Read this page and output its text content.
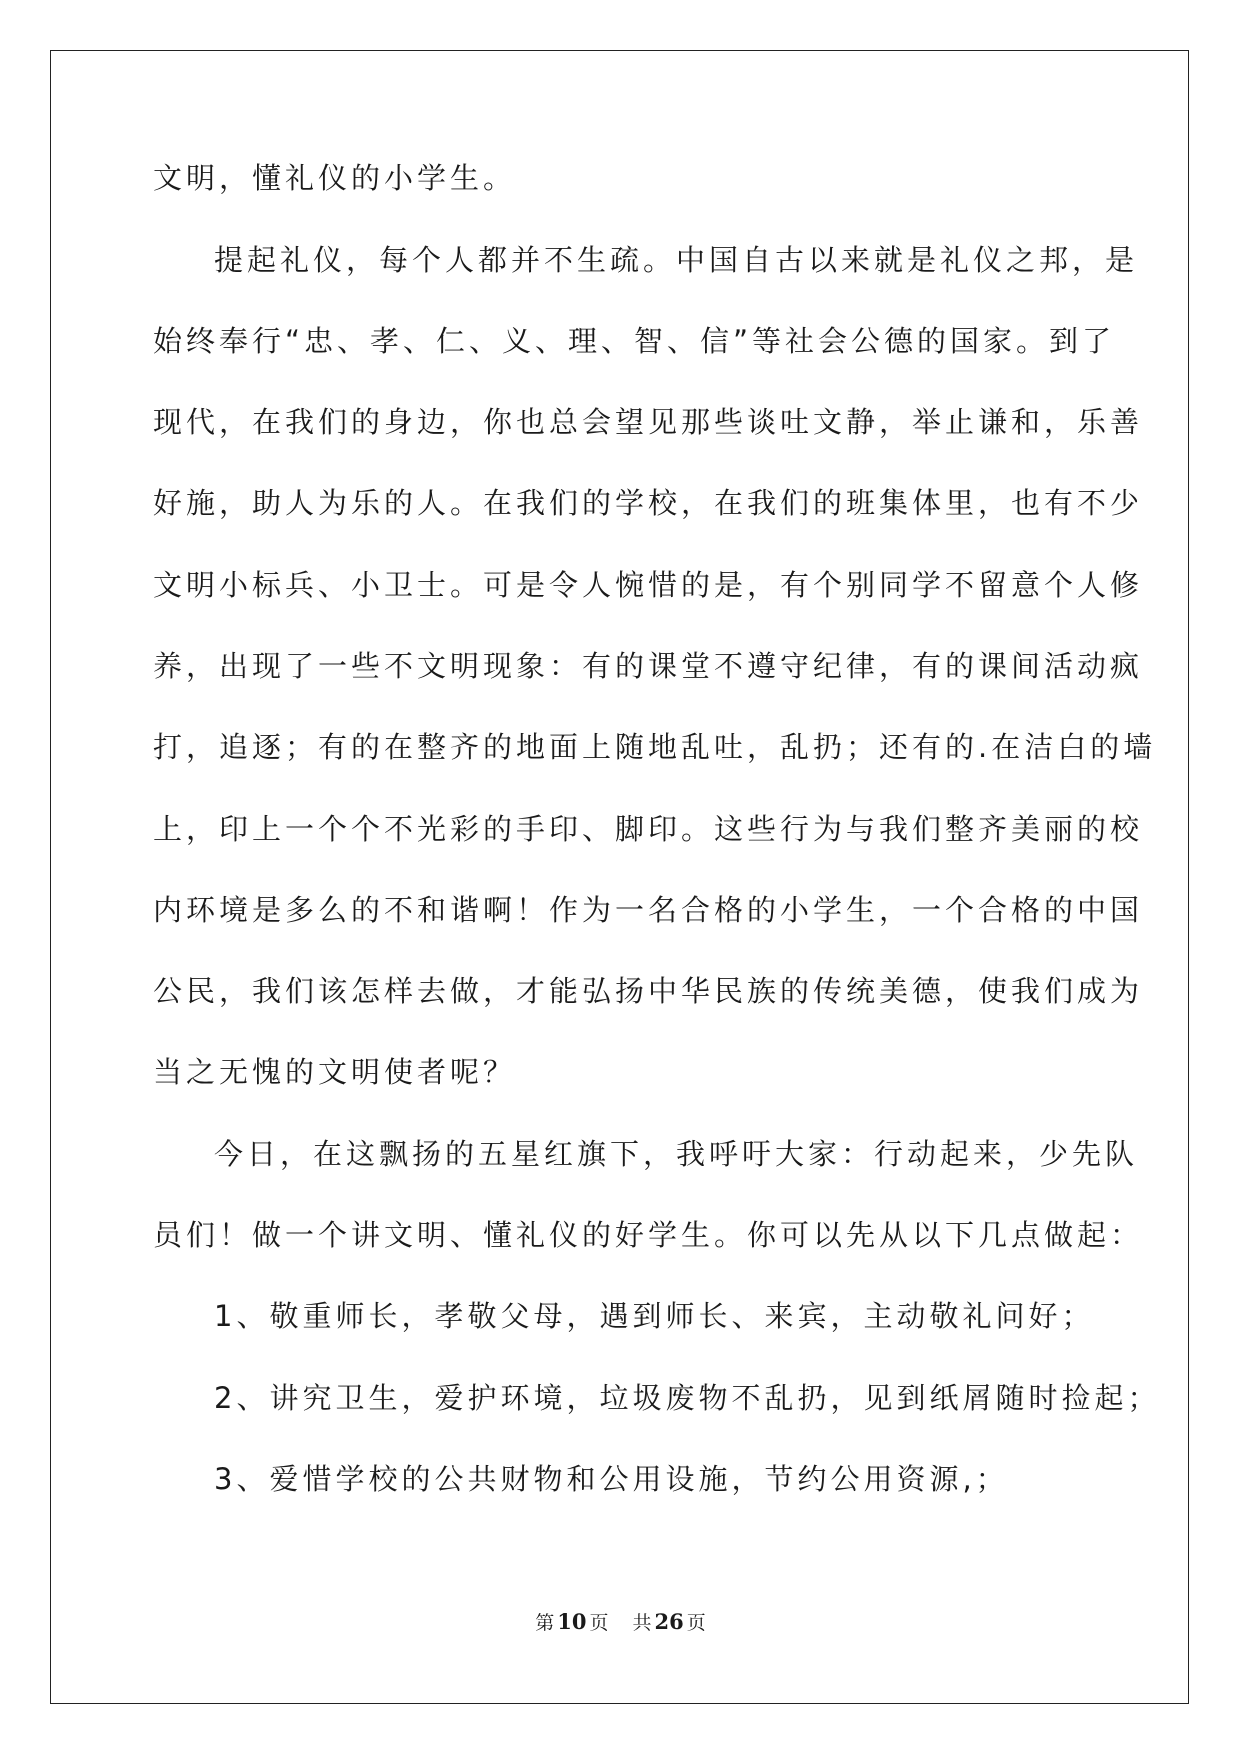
文明，懂礼仪的小学生。
提起礼仪，每个人都并不生疏。中国自古以来就是礼仪之邦，是
始终奉行“忠、孝、仁、义、理、智、信”等社会公德的国家。到了
现代，在我们的身边，你也总会望见那些谈吐文静，举止谦和，乐善
好施，助人为乐的人。在我们的学校，在我们的班集体里，也有不少
文明小标兵、小卫士。可是令人惋惜的是，有个别同学不留意个人修
养，出现了一些不文明现象：有的课堂不遵守纪律，有的课间活动疯
打，追逐；有的在整齐的地面上随地乱吐，乱扔；还有的.在洁白的墙
上，印上一个个不光彩的手印、脚印。这些行为与我们整齐美丽的校
内环境是多么的不和谐啊！作为一名合格的小学生，一个合格的中国
公民，我们该怎样去做，才能弘扬中华民族的传统美德，使我们成为
当之无愧的文明使者呢？
今日，在这飘扬的五星红旗下，我呼吁大家：行动起来，少先队
员们！做一个讲文明、懂礼仪的好学生。你可以先从以下几点做起：
1、敬重师长，孝敬父母，遇到师长、来宾，主动敬礼问好；
2、讲究卫生，爱护环境，垃圾废物不乱扔，见到纸屑随时捡起；
3、爱惜学校的公共财物和公用设施，节约公用资源,；
第 10 页 共 26 页
